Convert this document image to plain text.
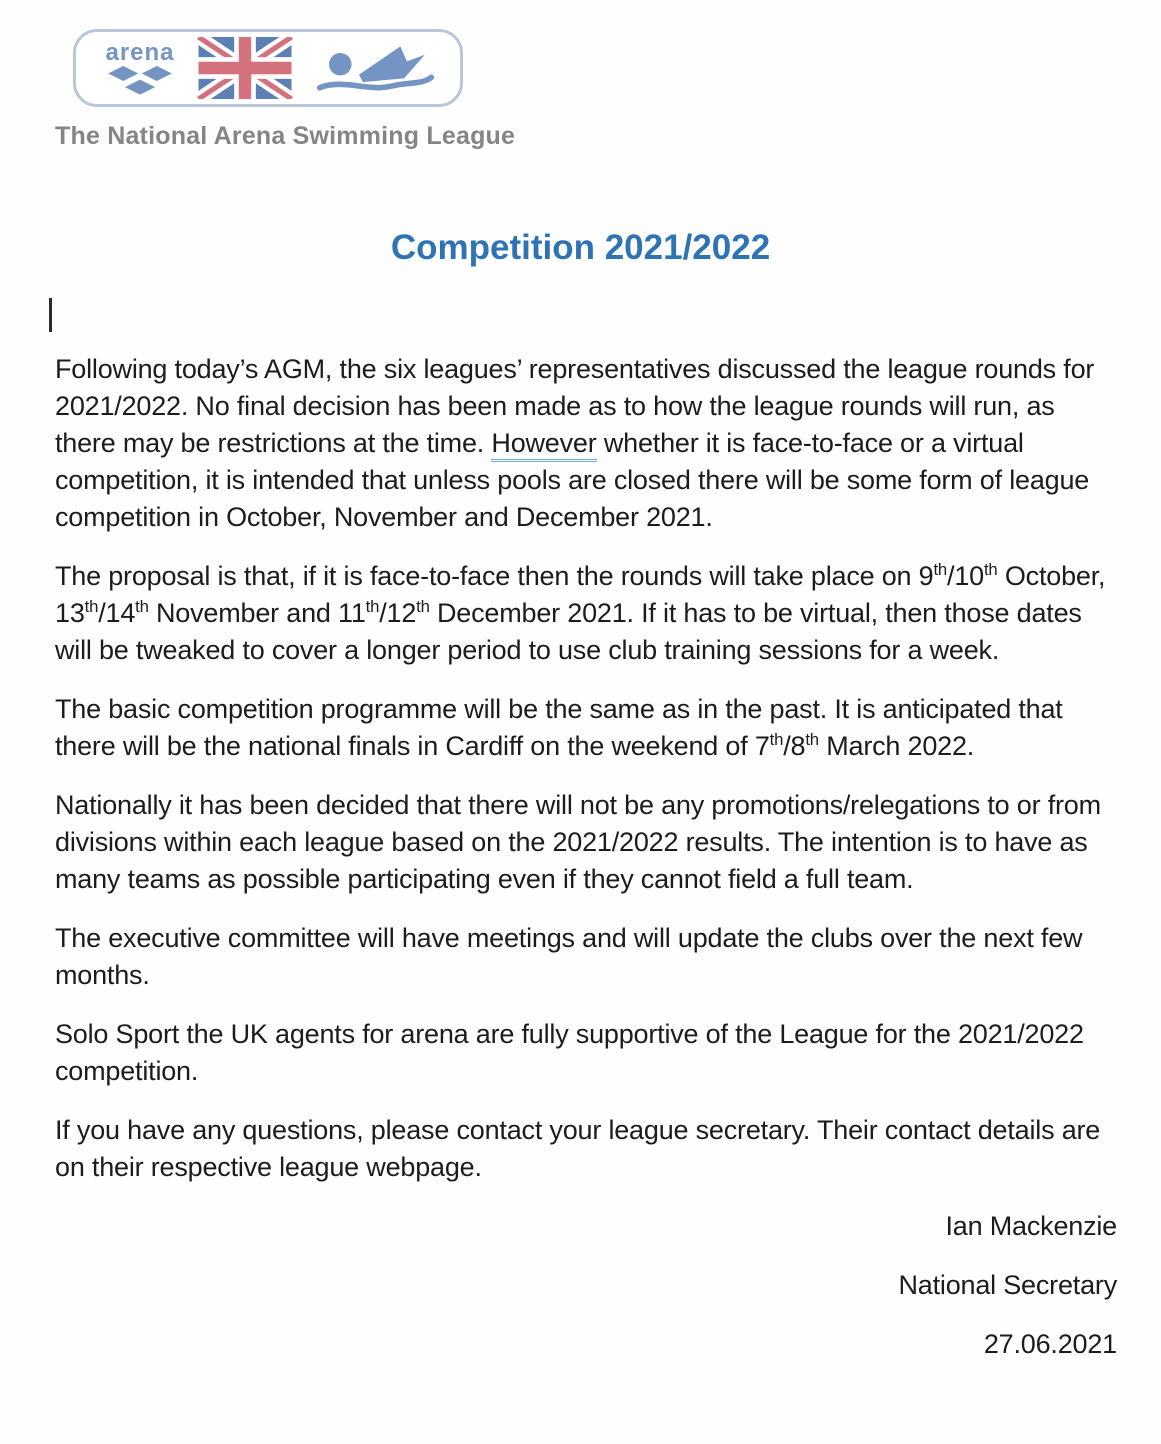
arena
The National Arena Swimming League
Competition 2021/2022

Following today’s AGM, the six leagues’ representatives discussed the league rounds for 2021/2022. No final decision has been made as to how the league rounds will run, as there may be restrictions at the time. However whether it is face-to-face or a virtual competition, it is intended that unless pools are closed there will be some form of league competition in October, November and December 2021.

The proposal is that, if it is face-to-face then the rounds will take place on 9th/10th October, 13th/14th November and 11th/12th December 2021. If it has to be virtual, then those dates will be tweaked to cover a longer period to use club training sessions for a week.

The basic competition programme will be the same as in the past. It is anticipated that there will be the national finals in Cardiff on the weekend of 7th/8th March 2022.

Nationally it has been decided that there will not be any promotions/relegations to or from divisions within each league based on the 2021/2022 results. The intention is to have as many teams as possible participating even if they cannot field a full team.

The executive committee will have meetings and will update the clubs over the next few months.

Solo Sport the UK agents for arena are fully supportive of the League for the 2021/2022 competition.

If you have any questions, please contact your league secretary. Their contact details are on their respective league webpage.

Ian Mackenzie

National Secretary

27.06.2021
